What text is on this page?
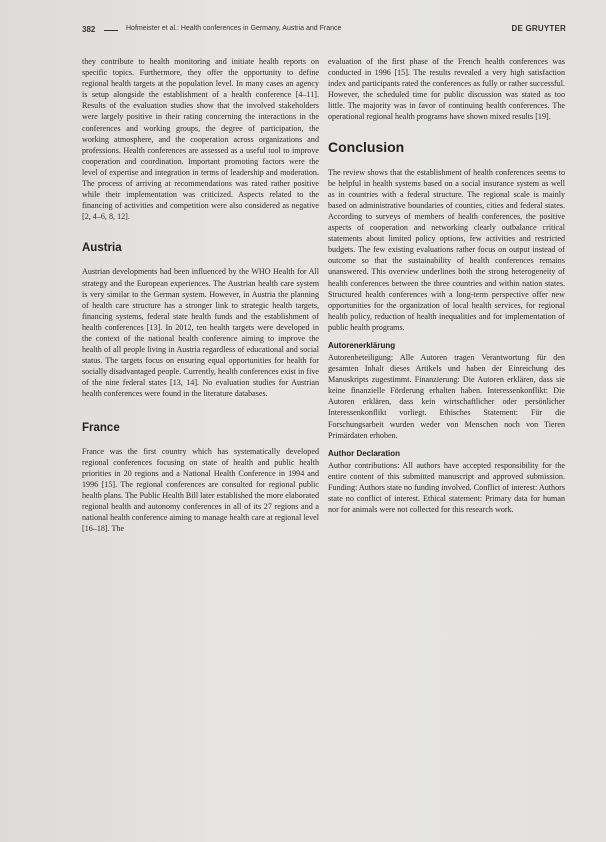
382	Hofmeister et al.: Health conferences in Germany, Austria and France	DE GRUYTER

they contribute to health monitoring and initiate health reports on specific topics. Furthermore, they offer the opportunity to define regional health targets at the population level. In many cases an agency is setup alongside the establishment of a health conference [4–11]. Results of the evaluation studies show that the involved stakeholders were largely positive in their rating concerning the interactions in the conferences and working groups, the degree of participation, the working atmosphere, and the cooperation across organizations and professions. Health conferences are assessed as a useful tool to improve cooperation and coordination. Important promoting factors were the level of expertise and integration in terms of leadership and moderation. The process of arriving at recommendations was rated rather positive while their implementation was criticized. Aspects related to the financing of activities and competition were also considered as negative [2, 4–6, 8, 12].

Austria

Austrian developments had been influenced by the WHO Health for All strategy and the European experiences. The Austrian health care system is very similar to the German system. However, in Austria the planning of health care structure has a stronger link to strategic health targets, financing systems, federal state health funds and the establishment of health conferences [13]. In 2012, ten health targets were developed in the context of the national health conference aiming to improve the health of all people living in Austria regardless of educational and social status. The targets focus on ensuring equal opportunities for health for socially disadvantaged people. Currently, health conferences exist in five of the nine federal states [13, 14]. No evaluation studies for Austrian health conferences were found in the literature databases.

France

France was the first country which has systematically developed regional conferences focusing on state of health and public health priorities in 20 regions and a National Health Conference in 1994 and 1996 [15]. The regional conferences are consulted for regional public health plans. The Public Health Bill later established the more elaborated regional health and autonomy conferences in all of its 27 regions and a national health conference aiming to manage health care at regional level [16–18]. The

evaluation of the first phase of the French health conferences was conducted in 1996 [15]. The results revealed a very high satisfaction index and participants rated the conferences as fully or rather successful. However, the scheduled time for public discussion was stated as too little. The majority was in favor of continuing health conferences. The operational regional health programs have shown mixed results [19].

Conclusion

The review shows that the establishment of health conferences seems to be helpful in health systems based on a social insurance system as well as in countries with a federal structure. The regional scale is mainly based on administrative boundaries of counties, cities and federal states. According to surveys of members of health conferences, the positive aspects of cooperation and networking clearly outbalance critical statements about limited policy options, few activities and restricted budgets. The few existing evaluations rather focus on output instead of outcome so that the sustainability of health conferences remains unanswered. This overview underlines both the strong heterogeneity of health conferences between the three countries and within nation states. Structured health conferences with a long-term perspective offer new opportunities for the organization of local health services, for regional health policy, reduction of health inequalities and for implementation of public health programs.

Autorenerklärung

Autorenbeteiligung: Alle Autoren tragen Verantwortung für den gesamten Inhalt dieses Artikels und haben der Einreichung des Manuskripts zugestimmt. Finanzierung: Die Autoren erklären, dass sie keine finanzielle Förderung erhalten haben. Interessenkonflikt: Die Autoren erklären, dass kein wirtschaftlicher oder persönlicher Interessenkonflikt vorliegt. Ethisches Statement: Für die Forschungsarbeit wurden weder von Menschen noch von Tieren Primärdaten erhoben.

Author Declaration

Author contributions: All authors have accepted responsibility for the entire content of this submitted manuscript and approved submission. Funding: Authors state no funding involved. Conflict of interest: Authors state no conflict of interest. Ethical statement: Primary data for human nor for animals were not collected for this research work.
